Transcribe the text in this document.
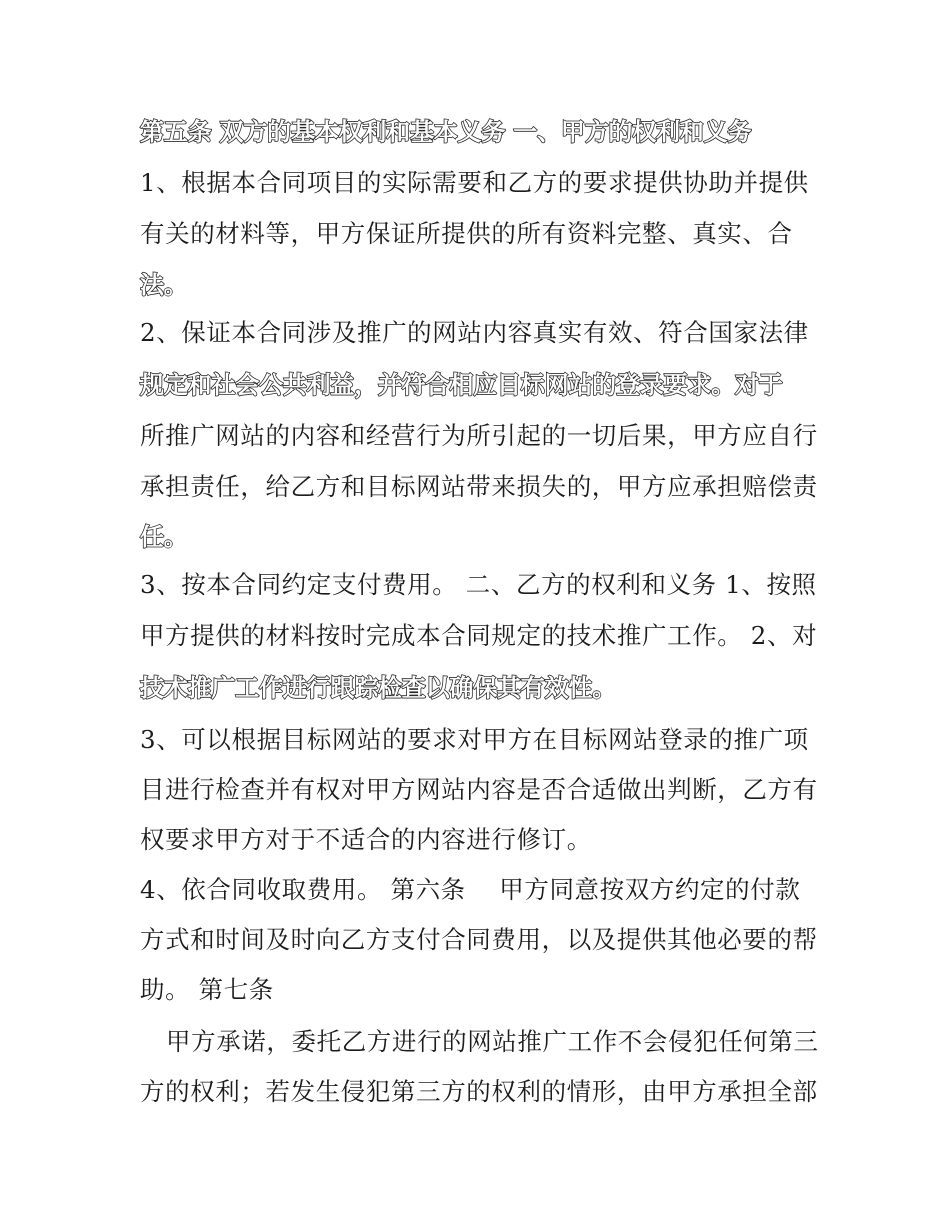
第五条 双方的基本权利和基本义务 一、甲方的权利和义务
1、根据本合同项目的实际需要和乙方的要求提供协助并提供
有关的材料等，甲方保证所提供的所有资料完整、真实、合
法。
2、保证本合同涉及推广的网站内容真实有效、符合国家法律
规定和社会公共利益，并符合相应目标网站的登录要求。对于
所推广网站的内容和经营行为所引起的一切后果，甲方应自行
承担责任，给乙方和目标网站带来损失的，甲方应承担赔偿责
任。
3、按本合同约定支付费用。 二、乙方的权利和义务 1、按照
甲方提供的材料按时完成本合同规定的技术推广工作。 2、对
技术推广工作进行跟踪检查以确保其有效性。
3、可以根据目标网站的要求对甲方在目标网站登录的推广项
目进行检查并有权对甲方网站内容是否合适做出判断，乙方有
权要求甲方对于不适合的内容进行修订。
4、依合同收取费用。 第六条　 甲方同意按双方约定的付款
方式和时间及时向乙方支付合同费用，以及提供其他必要的帮
助。 第七条
甲方承诺，委托乙方进行的网站推广工作不会侵犯任何第三
方的权利；若发生侵犯第三方的权利的情形，由甲方承担全部
